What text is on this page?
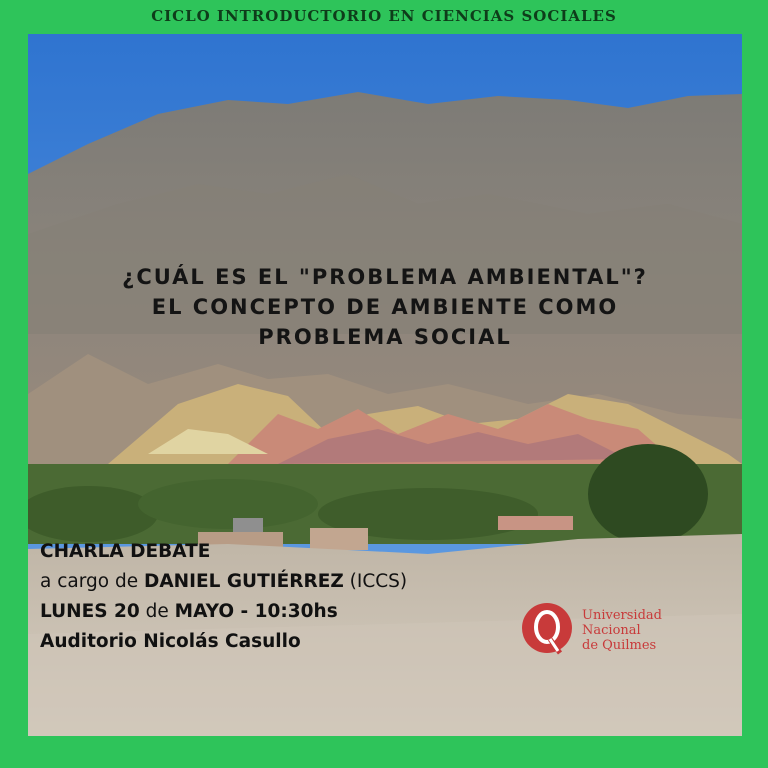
CICLO INTRODUCTORIO EN CIENCIAS SOCIALES
¿CUÁL ES EL "PROBLEMA AMBIENTAL"?
EL CONCEPTO DE AMBIENTE COMO
PROBLEMA SOCIAL
CHARLA DEBATE
a cargo de DANIEL GUTIÉRREZ (ICCS)
LUNES 20 de MAYO - 10:30hs
Auditorio Nicolás Casullo
Universidad
Nacional
de Quilmes
